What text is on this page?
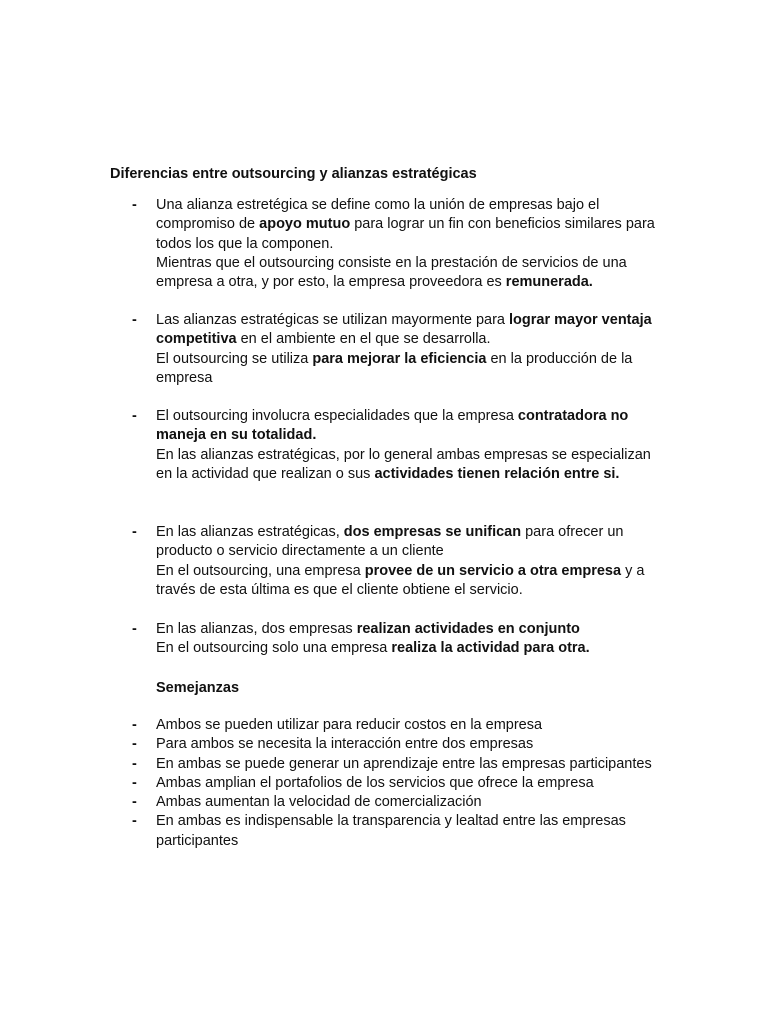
Diferencias entre outsourcing y alianzas estratégicas
- Una alianza estretégica se define como la unión de empresas bajo el compromiso de apoyo mutuo para lograr un fin con beneficios similares para todos los que la componen.

Mientras que el outsourcing consiste en la prestación de servicios de una empresa a otra, y por esto, la empresa proveedora es remunerada.

- Las alianzas estratégicas se utilizan mayormente para lograr mayor ventaja competitiva en el ambiente en el que se desarrolla.

El outsourcing se utiliza para mejorar la eficiencia en la producción de la empresa

- El outsourcing involucra especialidades que la empresa contratadora no maneja en su totalidad.

En las alianzas estratégicas, por lo general ambas empresas se especializan en la actividad que realizan o sus actividades tienen relación entre si.

- En las alianzas estratégicas, dos empresas se unifican para ofrecer un producto o servicio directamente a un cliente

En el outsourcing, una empresa provee de un servicio a otra empresa y a través de esta última es que el cliente obtiene el servicio.

- En las alianzas, dos empresas realizan actividades en conjunto

En el outsourcing solo una empresa realiza la actividad para otra.

Semejanzas
- Ambos se pueden utilizar para reducir costos en la empresa

- Para ambos se necesita la interacción entre dos empresas

- En ambas se puede generar un aprendizaje entre las empresas participantes

- Ambas amplian el portafolios de los servicios que ofrece la empresa

- Ambas aumentan la velocidad de comercialización

- En ambas es indispensable la transparencia y lealtad entre las empresas participantes
